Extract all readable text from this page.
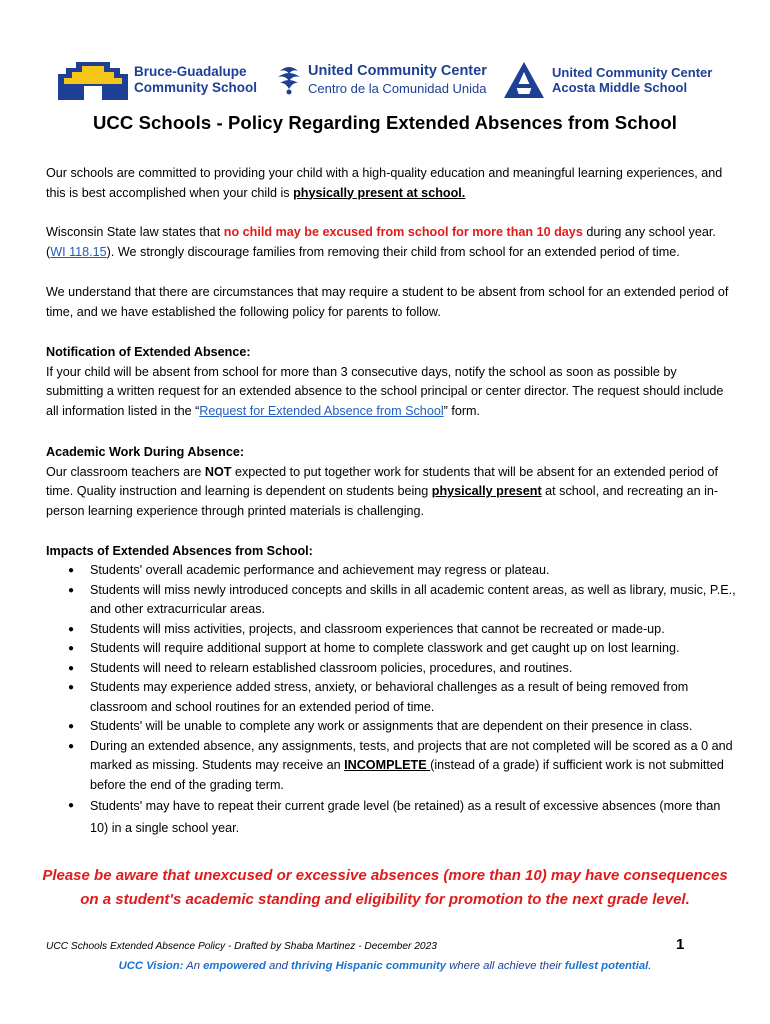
Bruce-Guadalupe
Community School
United Community Center
Centro de la Comunidad Unida
United Community Center
Acosta Middle School
UCC Schools - Policy Regarding Extended Absences from School

Our schools are committed to providing your child with a high-quality education and meaningful learning experiences, and this is best accomplished when your child is physically present at school.

Wisconsin State law states that no child may be excused from school for more than 10 days during any school year.
(WI 118.15). We strongly discourage families from removing their child from school for an extended period of time.

We understand that there are circumstances that may require a student to be absent from school for an extended period of time, and we have established the following policy for parents to follow.

Notification of Extended Absence:
If your child will be absent from school for more than 3 consecutive days, notify the school as soon as possible by submitting a written request for an extended absence to the school principal or center director. The request should include all information listed in the “Request for Extended Absence from School” form.

Academic Work During Absence:
Our classroom teachers are NOT expected to put together work for students that will be absent for an extended period of time. Quality instruction and learning is dependent on students being physically present at school, and recreating an in-person learning experience through printed materials is challenging.

Impacts of Extended Absences from School:

● Students' overall academic performance and achievement may regress or plateau.
● Students will miss newly introduced concepts and skills in all academic content areas, as well as library, music, P.E., and other extracurricular areas.
● Students will miss activities, projects, and classroom experiences that cannot be recreated or made-up.
● Students will require additional support at home to complete classwork and get caught up on lost learning.
● Students will need to relearn established classroom policies, procedures, and routines.
● Students may experience added stress, anxiety, or behavioral challenges as a result of being removed from classroom and school routines for an extended period of time.
● Students' will be unable to complete any work or assignments that are dependent on their presence in class.
● During an extended absence, any assignments, tests, and projects that are not completed will be scored as a 0 and marked as missing. Students may receive an INCOMPLETE (instead of a grade) if sufficient work is not submitted before the end of the grading term.
● Students' may have to repeat their current grade level (be retained) as a result of excessive absences (more than 10) in a single school year.

Please be aware that unexcused or excessive absences (more than 10) may have consequences
on a student's academic standing and eligibility for promotion to the next grade level.

UCC Schools Extended Absence Policy - Drafted by Shaba Martinez - December 2023	1
UCC Vision: An empowered and thriving Hispanic community where all achieve their fullest potential.
